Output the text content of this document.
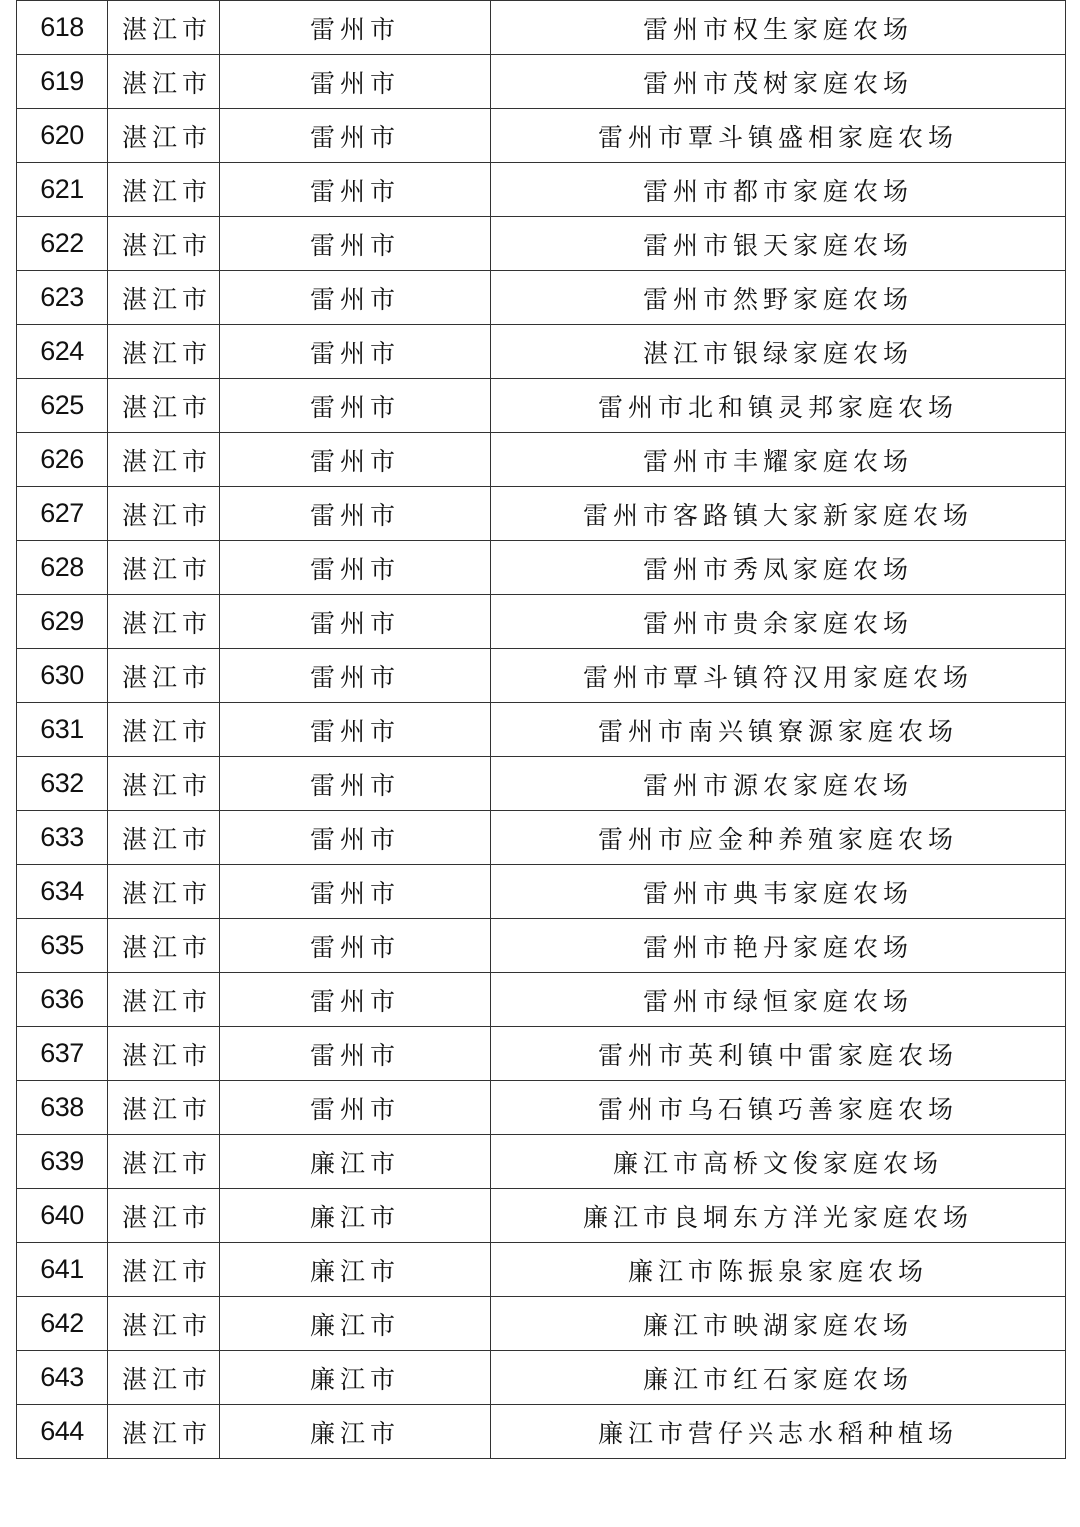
618	湛江市	雷州市	雷州市权生家庭农场
619	湛江市	雷州市	雷州市茂树家庭农场
620	湛江市	雷州市	雷州市覃斗镇盛相家庭农场
621	湛江市	雷州市	雷州市都市家庭农场
622	湛江市	雷州市	雷州市银天家庭农场
623	湛江市	雷州市	雷州市然野家庭农场
624	湛江市	雷州市	湛江市银绿家庭农场
625	湛江市	雷州市	雷州市北和镇灵邦家庭农场
626	湛江市	雷州市	雷州市丰耀家庭农场
627	湛江市	雷州市	雷州市客路镇大家新家庭农场
628	湛江市	雷州市	雷州市秀凤家庭农场
629	湛江市	雷州市	雷州市贵余家庭农场
630	湛江市	雷州市	雷州市覃斗镇符汉用家庭农场
631	湛江市	雷州市	雷州市南兴镇寮源家庭农场
632	湛江市	雷州市	雷州市源农家庭农场
633	湛江市	雷州市	雷州市应金种养殖家庭农场
634	湛江市	雷州市	雷州市典韦家庭农场
635	湛江市	雷州市	雷州市艳丹家庭农场
636	湛江市	雷州市	雷州市绿恒家庭农场
637	湛江市	雷州市	雷州市英利镇中雷家庭农场
638	湛江市	雷州市	雷州市乌石镇巧善家庭农场
639	湛江市	廉江市	廉江市高桥文俊家庭农场
640	湛江市	廉江市	廉江市良垌东方洋光家庭农场
641	湛江市	廉江市	廉江市陈振泉家庭农场
642	湛江市	廉江市	廉江市映湖家庭农场
643	湛江市	廉江市	廉江市红石家庭农场
644	湛江市	廉江市	廉江市营仔兴志水稻种植场
